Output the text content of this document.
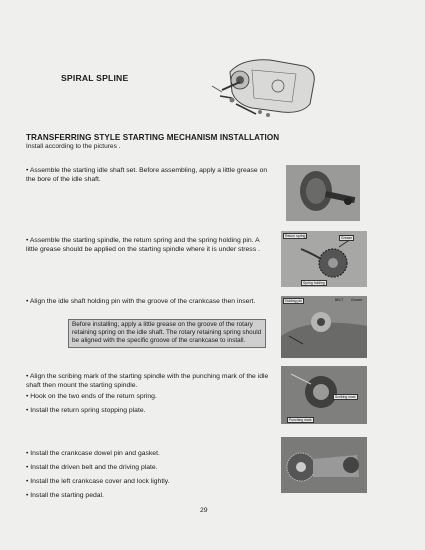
SPIRAL SPLINE
TRANSFERRING STYLE STARTING MECHANISM INSTALLATION
Install according to the pictures .
• Assemble the starting idle shaft set. Before assembling, apply a little grease on the bore of the idle shaft.
• Assemble the starting spindle, the return spring and the spring holding pin. A little grease should be applied on the starting spindle where it is under stress .
Return spring	Grease
Spring holding
• Align the idle shaft holding pin with the groove of the crankcase then insert.
Before installing, apply a little grease on the groove of the rotary retaining spring on the idle shaft. The rotary retaining spring should be aligned with the specific groove of the crankcase to install.
Holding pin	BELT Groove
• Align the scribing mark of the starting spindle with the punching mark of the idle shaft then mount the starting spindle.
• Hook on the two ends of the return spring.
• Install the return spring stopping plate.
Scribing mark
Punching mark
• Install the crankcase dowel pin and gasket.
• Install the driven belt and the driving plate.
• Install the left crankcase cover and lock lightly.
• Install the starting pedal.
29
